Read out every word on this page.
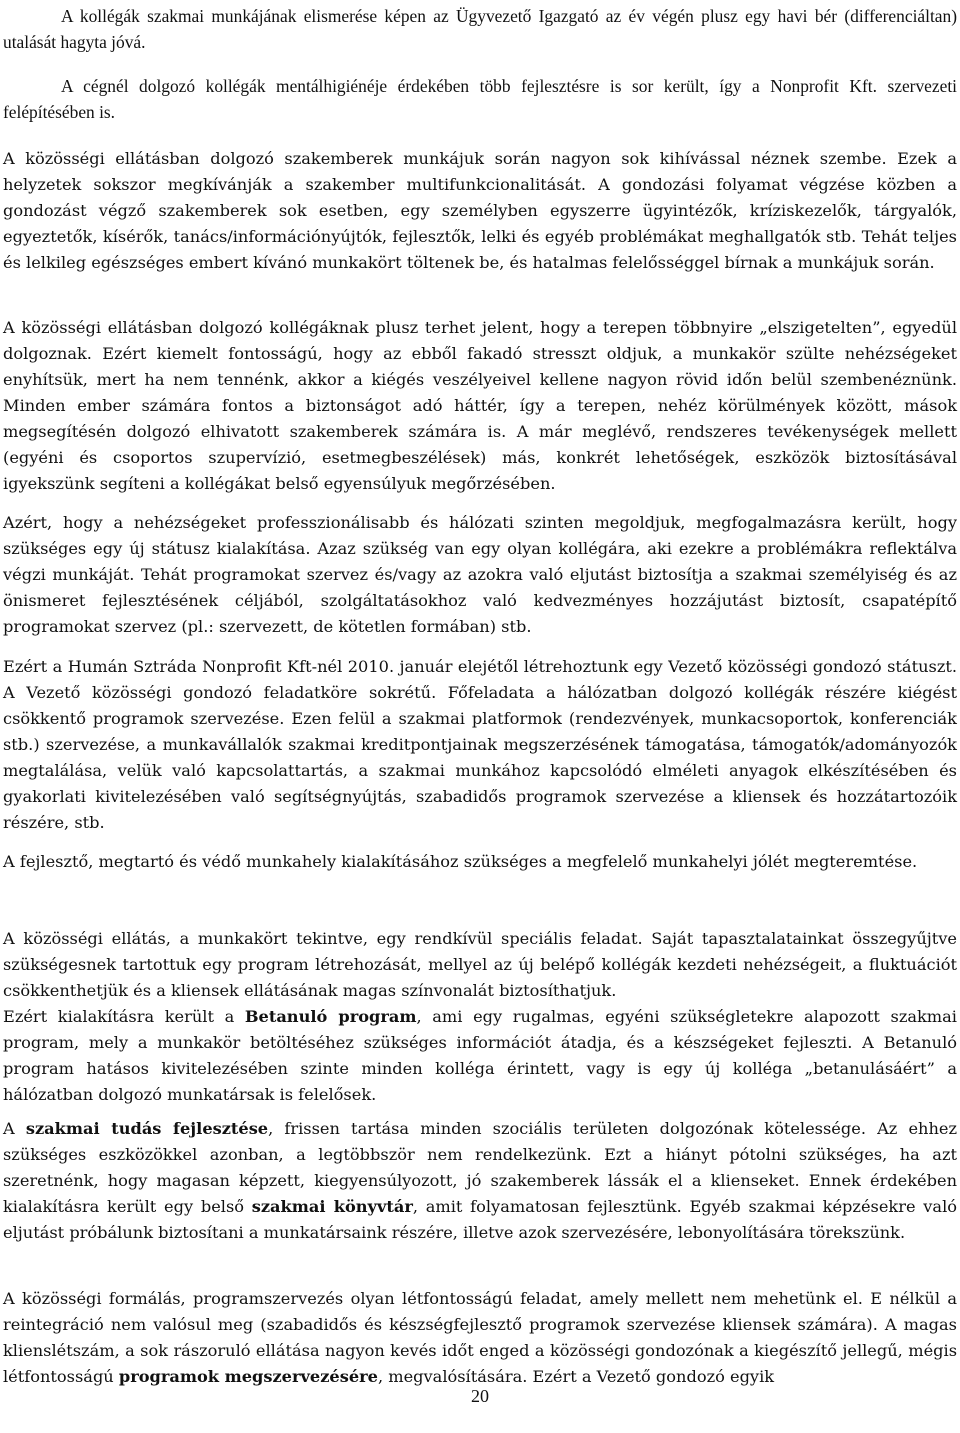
A kollégák szakmai munkájának elismerése képen az Ügyvezető Igazgató az év végén plusz egy havi bér (differenciáltan) utalását hagyta jóvá.

A cégnél dolgozó kollégák mentálhigiénéje érdekében több fejlesztésre is sor került, így a Nonprofit Kft. szervezeti felépítésében is.

A közösségi ellátásban dolgozó szakemberek munkájuk során nagyon sok kihívással néznek szembe. Ezek a helyzetek sokszor megkívánják a szakember multifunkcionalitását. A gondozási folyamat végzése közben a gondozást végző szakemberek sok esetben, egy személyben egyszerre ügyintézők, kríziskezelők, tárgyalók, egyeztetők, kísérők, tanács/információnyújtók, fejlesztők, lelki és egyéb problémákat meghallgatók stb. Tehát teljes és lelkileg egészséges embert kívánó munkakört töltenek be, és hatalmas felelősséggel bírnak a munkájuk során.

A közösségi ellátásban dolgozó kollégáknak plusz terhet jelent, hogy a terepen többnyire „elszigetelten”, egyedül dolgoznak. Ezért kiemelt fontosságú, hogy az ebből fakadó stresszt oldjuk, a munkakör szülte nehézségeket enyhítsük, mert ha nem tennénk, akkor a kiégés veszélyeivel kellene nagyon rövid időn belül szembenéznünk. Minden ember számára fontos a biztonságot adó háttér, így a terepen, nehéz körülmények között, mások megsegítésén dolgozó elhivatott szakemberek számára is. A már meglévő, rendszeres tevékenységek mellett (egyéni és csoportos szupervízió, esetmegbeszélések) más, konkrét lehetőségek, eszközök biztosításával igyekszünk segíteni a kollégákat belső egyensúlyuk megőrzésében.

Azért, hogy a nehézségeket professzionálisabb és hálózati szinten megoldjuk, megfogalmazásra került, hogy szükséges egy új státusz kialakítása. Azaz szükség van egy olyan kollégára, aki ezekre a problémákra reflektálva végzi munkáját. Tehát programokat szervez és/vagy az azokra való eljutást biztosítja a szakmai személyiség és az önismeret fejlesztésének céljából, szolgáltatásokhoz való kedvezményes hozzájutást biztosít, csapatépítő programokat szervez (pl.: szervezett, de kötetlen formában) stb.

Ezért a Humán Sztráda Nonprofit Kft-nél 2010. január elejétől létrehoztunk egy Vezető közösségi gondozó státuszt. A Vezető közösségi gondozó feladatköre sokrétű. Főfeladata a hálózatban dolgozó kollégák részére kiégést csökkentő programok szervezése. Ezen felül a szakmai platformok (rendezvények, munkacsoportok, konferenciák stb.) szervezése, a munkavállalók szakmai kreditpontjainak megszerzésének támogatása, támogatók/adományozók megtalálása, velük való kapcsolattartás, a szakmai munkához kapcsolódó elméleti anyagok elkészítésében és gyakorlati kivitelezésében való segítségnyújtás, szabadidős programok szervezése a kliensek és hozzátartozóik részére, stb.

A fejlesztő, megtartó és védő munkahely kialakításához szükséges a megfelelő munkahelyi jólét megteremtése.

A közösségi ellátás, a munkakört tekintve, egy rendkívül speciális feladat. Saját tapasztalatainkat összegyűjtve szükségesnek tartottuk egy program létrehozását, mellyel az új belépő kollégák kezdeti nehézségeit, a fluktuációt csökkenthetjük és a kliensek ellátásának magas színvonalát biztosíthatjuk.

Ezért kialakításra került a Betanuló program, ami egy rugalmas, egyéni szükségletekre alapozott szakmai program, mely a munkakör betöltéséhez szükséges információt átadja, és a készségeket fejleszti. A Betanuló program hatásos kivitelezésében szinte minden kollégа érintett, vagy is egy új kolléga „betanulásáért” a hálózatban dolgozó munkatársak is felelősek.

A szakmai tudás fejlesztése, frissen tartása minden szociális területen dolgozónak kötelessége. Az ehhez szükséges eszközökkel azonban, a legtöbbször nem rendelkezünk. Ezt a hiányt pótolni szükséges, ha azt szeretnénk, hogy magasan képzett, kiegyensúlyozott, jó szakemberek lássák el a klienseket. Ennek érdekében kialakításra került egy belső szakmai könyvtár, amit folyamatosan fejlesztünk. Egyéb szakmai képzésekre való eljutást próbálunk biztosítani a munkatársaink részére, illetve azok szervezésére, lebonyolítására törekszünk.

A közösségi formálás, programszervezés olyan létfontosságú feladat, amely mellett nem mehetünk el. E nélkül a reintegráció nem valósul meg (szabadidős és készségfejlesztő programok szervezése kliensek számára). A magas klienslétszám, a sok rászoruló ellátása nagyon kevés időt enged a közösségi gondozónak a kiegészítő jellegű, mégis létfontosságú programok megszervezésére, megvalósítására. Ezért a Vezető gondozó egyik

20
